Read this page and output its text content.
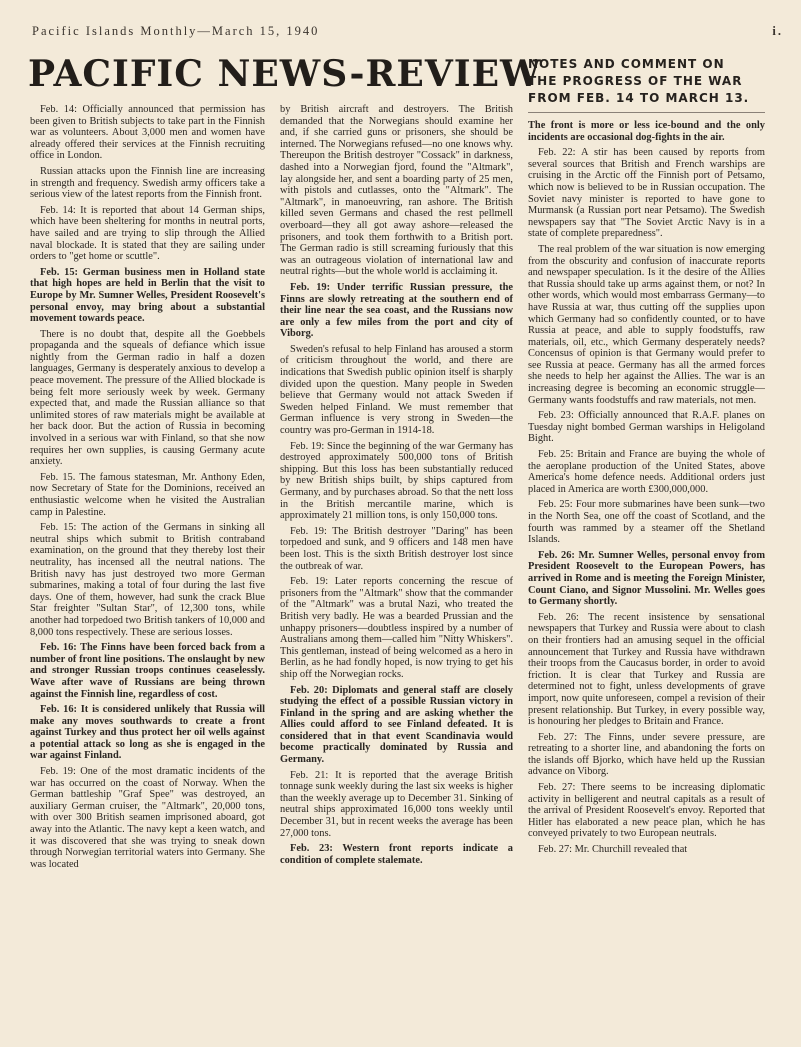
Pacific Islands Monthly—March 15, 1940	i.
PACIFIC NEWS-REVIEW
NOTES AND COMMENT ON
THE PROGRESS OF THE WAR
FROM FEB. 14 TO MARCH 13.

Feb. 14: Officially announced that permission has been given to British subjects to take part in the Finnish war as volunteers. About 3,000 men and women have already offered their services at the Finnish recruiting office in London.

Russian attacks upon the Finnish line are increasing in strength and frequency. Swedish army officers take a serious view of the latest reports from the Finnish front.

Feb. 14: It is reported that about 14 German ships, which have been sheltering for months in neutral ports, have sailed and are trying to slip through the Allied naval blockade. It is stated that they are sailing under orders to "get home or scuttle".

Feb. 15: German business men in Holland state that high hopes are held in Berlin that the visit to Europe by Mr. Sumner Welles, President Roosevelt's personal envoy, may bring about a substantial movement towards peace.

There is no doubt that, despite all the Goebbels propaganda and the squeals of defiance which issue nightly from the German radio in half a dozen languages, Germany is desperately anxious to develop a peace movement. The pressure of the Allied blockade is being felt more seriously week by week. Germany expected that, and made the Russian alliance so that unlimited stores of raw materials might be available at her back door. But the action of Russia in becoming involved in a serious war with Finland, so that she now requires her own supplies, is causing Germany acute anxiety.

Feb. 15. The famous statesman, Mr. Anthony Eden, now Secretary of State for the Dominions, received an enthusiastic welcome when he visited the Australian camp in Palestine.

Feb. 15: The action of the Germans in sinking all neutral ships which submit to British contraband examination, on the ground that they thereby lost their neutrality, has incensed all the neutral nations. The British navy has just destroyed two more German submarines, making a total of four during the last five days. One of them, however, had sunk the crack Blue Star freighter "Sultan Star", of 12,300 tons, while another had torpedoed two British tankers of 10,000 and 8,000 tons respectively. These are serious losses.

Feb. 16: The Finns have been forced back from a number of front line positions. The onslaught by new and stronger Russian troops continues ceaselessly. Wave after wave of Russians are being thrown against the Finnish line, regardless of cost.

Feb. 16: It is considered unlikely that Russia will make any moves southwards to create a front against Turkey and thus protect her oil wells against a potential attack so long as she is engaged in the war against Finland.

Feb. 19: One of the most dramatic incidents of the war has occurred on the coast of Norway. When the German battleship "Graf Spee" was destroyed, an auxiliary German cruiser, the "Altmark", 20,000 tons, with over 300 British seamen imprisoned aboard, got away into the Atlantic. The navy kept a keen watch, and it was discovered that she was trying to sneak down through Norwegian territorial waters into Germany. She was located

by British aircraft and destroyers. The British demanded that the Norwegians should examine her and, if she carried guns or prisoners, she should be interned. The Norwegians refused—no one knows why. Thereupon the British destroyer "Cossack" in darkness, dashed into a Norwegian fjord, found the "Altmark", lay alongside her, and sent a boarding party of 25 men, with pistols and cutlasses, onto the "Altmark". The "Altmark", in manoeuvring, ran ashore. The British killed seven Germans and chased the rest pellmell overboard—they all got away ashore—released the prisoners, and took them forthwith to a British port. The German radio is still screaming furiously that this was an outrageous violation of international law and neutral rights—but the whole world is acclaiming it.

Feb. 19: Under terrific Russian pressure, the Finns are slowly retreating at the southern end of their line near the sea coast, and the Russians now are only a few miles from the port and city of Viborg.

Sweden's refusal to help Finland has aroused a storm of criticism throughout the world, and there are indications that Swedish public opinion itself is sharply divided upon the question. Many people in Sweden believe that Germany would not attack Sweden if Sweden helped Finland. We must remember that German influence is very strong in Sweden—the country was pro-German in 1914-18.

Feb. 19: Since the beginning of the war Germany has destroyed approximately 500,000 tons of British shipping. But this loss has been substantially reduced by new British ships built, by ships captured from Germany, and by purchases abroad. So that the nett loss in the British mercantile marine, which is approximately 21 million tons, is only 150,000 tons.

Feb. 19: The British destroyer "Daring" has been torpedoed and sunk, and 9 officers and 148 men have been lost. This is the sixth British destroyer lost since the outbreak of war.

Feb. 19: Later reports concerning the rescue of prisoners from the "Altmark" show that the commander of the "Altmark" was a brutal Nazi, who treated the British very badly. He was a bearded Prussian and the unhappy prisoners—doubtless inspired by a number of Australians among them—called him "Nitty Whiskers". This gentleman, instead of being welcomed as a hero in Berlin, as he had fondly hoped, is now trying to get his ship off the Norwegian rocks.

Feb. 20: Diplomats and general staff are closely studying the effect of a possible Russian victory in Finland in the spring and are asking whether the Allies could afford to see Finland defeated. It is considered that in that event Scandinavia would become practically dominated by Russia and Germany.

Feb. 21: It is reported that the average British tonnage sunk weekly during the last six weeks is higher than the weekly average up to December 31. Sinking of neutral ships approximated 16,000 tons weekly until December 31, but in recent weeks the average has been 27,000 tons.

Feb. 23: Western front reports indicate a condition of complete stalemate.

The front is more or less ice-bound and the only incidents are occasional dog-fights in the air.

Feb. 22: A stir has been caused by reports from several sources that British and French warships are cruising in the Arctic off the Finnish port of Petsamo, which now is believed to be in Russian occupation. The Soviet navy minister is reported to have gone to Murmansk (a Russian port near Petsamo). The Swedish newspapers say that "The Soviet Arctic Navy is in a state of complete preparedness".

The real problem of the war situation is now emerging from the obscurity and confusion of inaccurate reports and newspaper speculation. Is it the desire of the Allies that Russia should take up arms against them, or not? In other words, which would most embarrass Germany—to have Russia at war, thus cutting off the supplies upon which Germany had so confidently counted, or to have Russia at peace, and able to supply foodstuffs, raw materials, oil, etc., which Germany desperately needs? Concensus of opinion is that Germany would prefer to see Russia at peace. Germany has all the armed forces she needs to help her against the Allies. The war is an increasing degree is becoming an economic struggle—Germany wants foodstuffs and raw materials, not men.

Feb. 23: Officially announced that R.A.F. planes on Tuesday night bombed German warships in Heligoland Bight.

Feb. 25: Britain and France are buying the whole of the aeroplane production of the United States, above America's home defence needs. Additional orders just placed in America are worth £300,000,000.

Feb. 25: Four more submarines have been sunk—two in the North Sea, one off the coast of Scotland, and the fourth was rammed by a steamer off the Shetland Islands.

Feb. 26: Mr. Sumner Welles, personal envoy from President Roosevelt to the European Powers, has arrived in Rome and is meeting the Foreign Minister, Count Ciano, and Signor Mussolini. Mr. Welles goes to Germany shortly.

Feb. 26: The recent insistence by sensational newspapers that Turkey and Russia were about to clash on their frontiers had an amusing sequel in the official announcement that Turkey and Russia have withdrawn their troops from the Caucasus border, in order to avoid friction. It is clear that Turkey and Russia are determined not to fight, unless developments of grave import, now quite unforeseen, compel a revision of their present relationship. But Turkey, in every possible way, is honouring her pledges to Britain and France.

Feb. 27: The Finns, under severe pressure, are retreating to a shorter line, and abandoning the forts on the islands off Bjorko, which have held up the Russian advance on Viborg.

Feb. 27: There seems to be increasing diplomatic activity in belligerent and neutral capitals as a result of the arrival of President Roosevelt's envoy. Reported that Hitler has elaborated a new peace plan, which he has conveyed privately to two European neutrals.

Feb. 27: Mr. Churchill revealed that
